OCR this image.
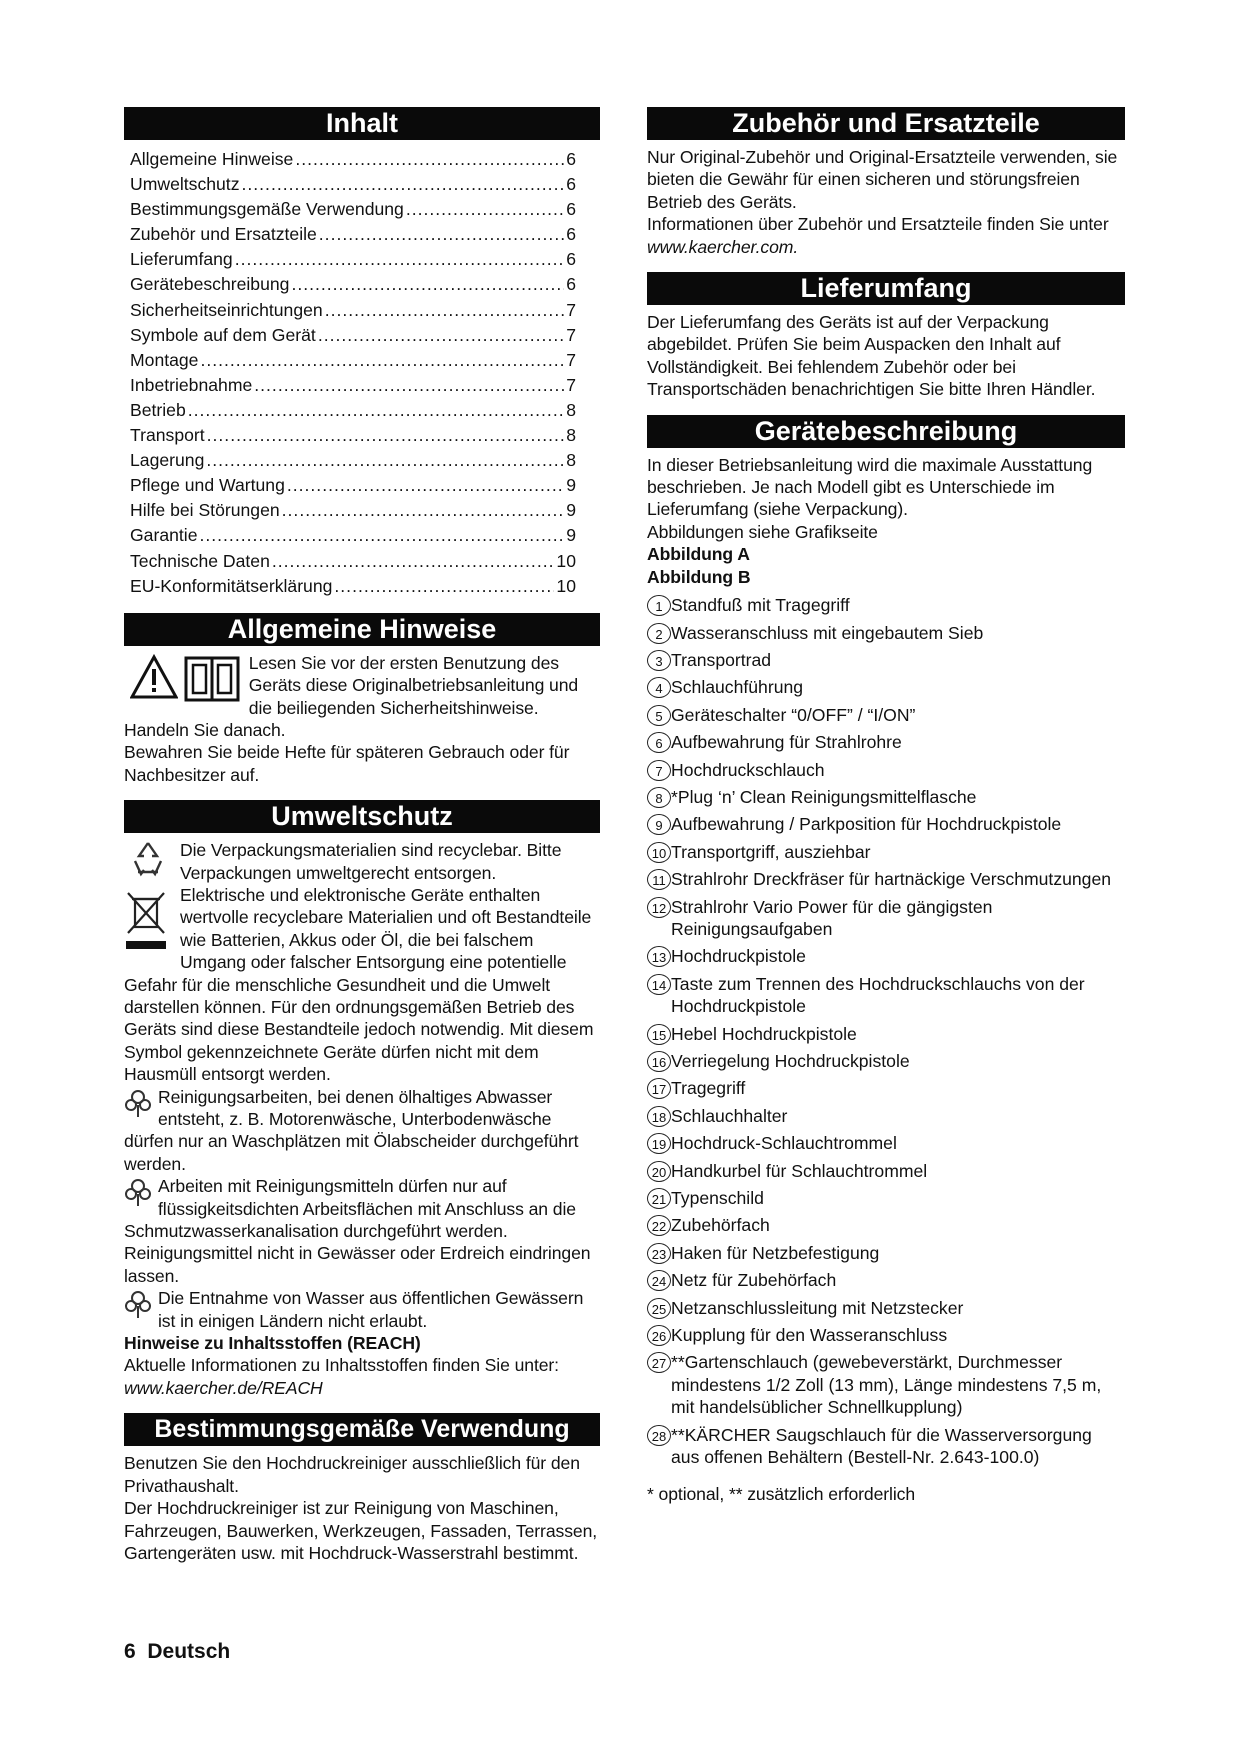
Inhalt
Allgemeine Hinweise .....	6
Umweltschutz .....	6
Bestimmungsgemäße Verwendung .....	6
Zubehör und Ersatzteile .....	6
Lieferumfang .....	6
Gerätebeschreibung .....	6
Sicherheitseinrichtungen .....	7
Symbole auf dem Gerät .....	7
Montage .....	7
Inbetriebnahme .....	7
Betrieb .....	8
Transport .....	8
Lagerung .....	8
Pflege und Wartung .....	9
Hilfe bei Störungen .....	9
Garantie .....	9
Technische Daten .....	10
EU-Konformitätserklärung .....	10
Allgemeine Hinweise

Lesen Sie vor der ersten Benutzung des Geräts diese Originalbetriebsanleitung und die beiliegenden Sicherheitshinweise. Handeln Sie danach.

Bewahren Sie beide Hefte für späteren Gebrauch oder für Nachbesitzer auf.

Umweltschutz

Die Verpackungsmaterialien sind recyclebar. Bitte Verpackungen umweltgerecht entsorgen.

Elektrische und elektronische Geräte enthalten wertvolle recyclebare Materialien und oft Bestandteile wie Batterien, Akkus oder Öl, die bei falschem Umgang oder falscher Entsorgung eine potentielle Gefahr für die menschliche Gesundheit und die Umwelt darstellen können. Für den ordnungsgemäßen Betrieb des Geräts sind diese Bestandteile jedoch notwendig. Mit diesem Symbol gekennzeichnete Geräte dürfen nicht mit dem Hausmüll entsorgt werden.

Reinigungsarbeiten, bei denen ölhaltiges Abwasser entsteht, z. B. Motorenwäsche, Unterbodenwäsche dürfen nur an Waschplätzen mit Ölabscheider durchgeführt werden.

Arbeiten mit Reinigungsmitteln dürfen nur auf flüssigkeitsdichten Arbeitsflächen mit Anschluss an die Schmutzwasserkanalisation durchgeführt werden. Reinigungsmittel nicht in Gewässer oder Erdreich eindringen lassen.

Die Entnahme von Wasser aus öffentlichen Gewässern ist in einigen Ländern nicht erlaubt.

Hinweise zu Inhaltsstoffen (REACH)

Aktuelle Informationen zu Inhaltsstoffen finden Sie unter: www.kaercher.de/REACH

Bestimmungsgemäße Verwendung

Benutzen Sie den Hochdruckreiniger ausschließlich für den Privathaushalt.

Der Hochdruckreiniger ist zur Reinigung von Maschinen, Fahrzeugen, Bauwerken, Werkzeugen, Fassaden, Terrassen, Gartengeräten usw. mit Hochdruck-Wasserstrahl bestimmt.

Zubehör und Ersatzteile

Nur Original-Zubehör und Original-Ersatzteile verwenden, sie bieten die Gewähr für einen sicheren und störungsfreien Betrieb des Geräts.

Informationen über Zubehör und Ersatzteile finden Sie unter www.kaercher.com.

Lieferumfang

Der Lieferumfang des Geräts ist auf der Verpackung abgebildet. Prüfen Sie beim Auspacken den Inhalt auf Vollständigkeit. Bei fehlendem Zubehör oder bei Transportschäden benachrichtigen Sie bitte Ihren Händler.

Gerätebeschreibung

In dieser Betriebsanleitung wird die maximale Ausstattung beschrieben. Je nach Modell gibt es Unterschiede im Lieferumfang (siehe Verpackung).

Abbildungen siehe Grafikseite

Abbildung A

Abbildung B

1 Standfuß mit Tragegriff
2 Wasseranschluss mit eingebautem Sieb
3 Transportrad
4 Schlauchführung
5 Geräteschalter “0/OFF” / “I/ON”
6 Aufbewahrung für Strahlrohre
7 Hochdruckschlauch
8 *Plug ‘n’ Clean Reinigungsmittelflasche
9 Aufbewahrung / Parkposition für Hochdruckpistole
10 Transportgriff, ausziehbar
11 Strahlrohr Dreckfräser für hartnäckige Verschmutzungen
12 Strahlrohr Vario Power für die gängigsten Reinigungsaufgaben
13 Hochdruckpistole
14 Taste zum Trennen des Hochdruckschlauchs von der Hochdruckpistole
15 Hebel Hochdruckpistole
16 Verriegelung Hochdruckpistole
17 Tragegriff
18 Schlauchhalter
19 Hochdruck-Schlauchtrommel
20 Handkurbel für Schlauchtrommel
21 Typenschild
22 Zubehörfach
23 Haken für Netzbefestigung
24 Netz für Zubehörfach
25 Netzanschlussleitung mit Netzstecker
26 Kupplung für den Wasseranschluss
27 **Gartenschlauch (gewebeverstärkt, Durchmesser mindestens 1/2 Zoll (13 mm), Länge mindestens 7,5 m, mit handelsüblicher Schnellkupplung)
28 **KÄRCHER Saugschlauch für die Wasserversorgung aus offenen Behältern (Bestell-Nr. 2.643-100.0)

* optional, ** zusätzlich erforderlich

6 Deutsch
